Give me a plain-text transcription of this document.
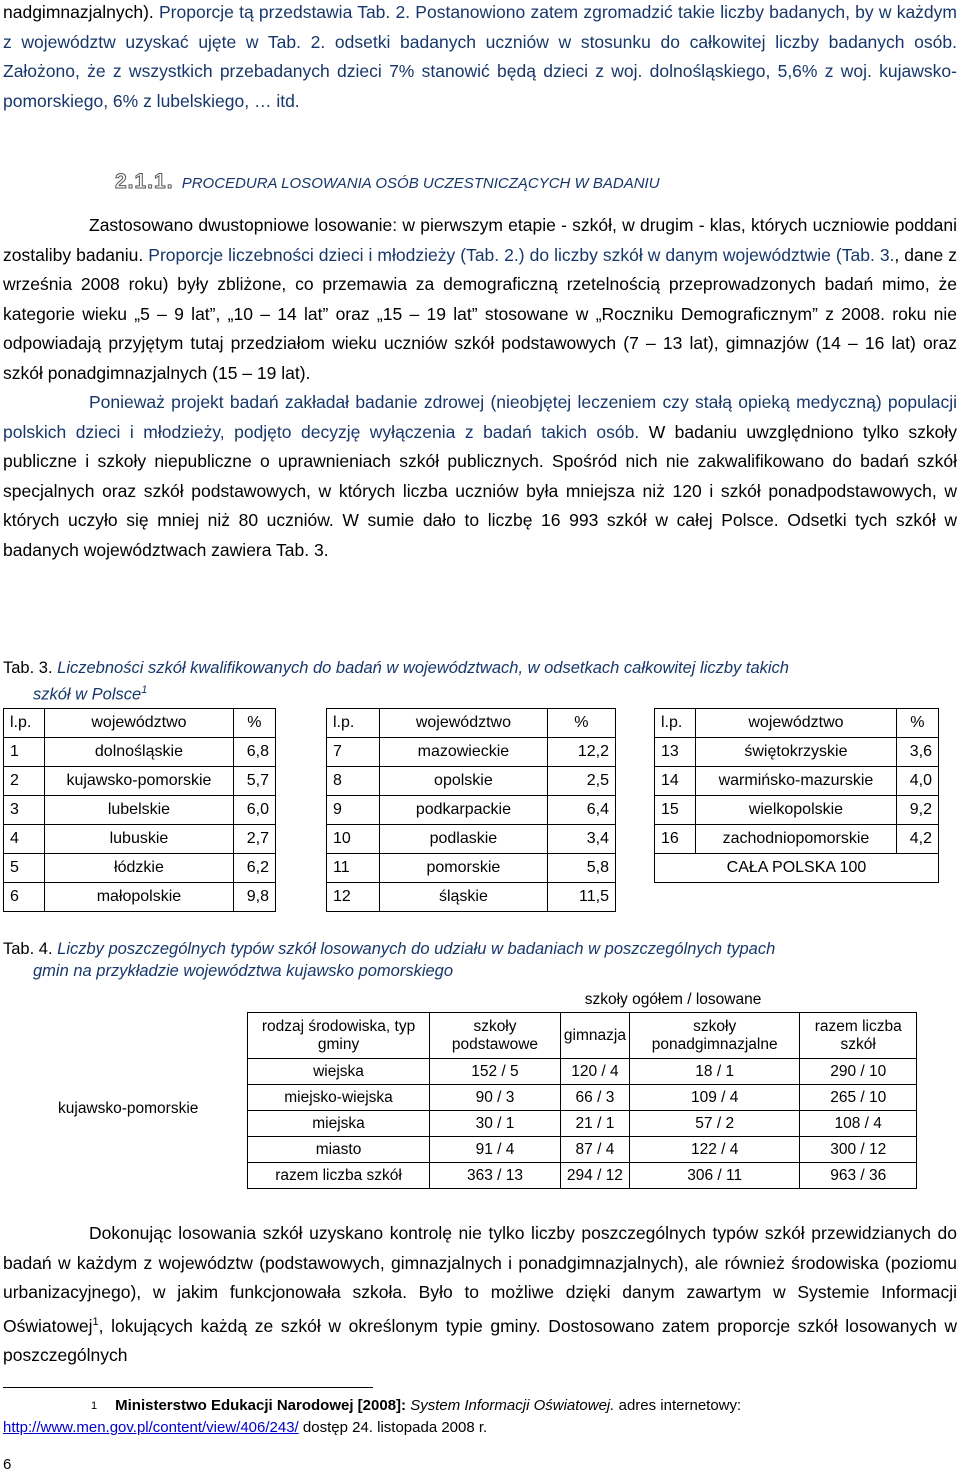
nadgimnazjalnych). Proporcje tą przedstawia Tab. 2. Postanowiono zatem zgromadzić takie liczby badanych, by w każdym z województw uzyskać ujęte w Tab. 2. odsetki badanych uczniów w stosunku do całkowitej liczby badanych osób. Założono, że z wszystkich przebadanych dzieci 7% stanowić będą dzieci z woj. dolnośląskiego, 5,6% z woj. kujawsko-pomorskiego, 6% z lubelskiego, … itd.

2.1.1. PROCEDURA LOSOWANIA OSÓB UCZESTNICZĄCYCH W BADANIU

Zastosowano dwustopniowe losowanie: w pierwszym etapie - szkół, w drugim - klas, których uczniowie poddani zostaliby badaniu. Proporcje liczebności dzieci i młodzieży (Tab. 2.) do liczby szkół w danym województwie (Tab. 3., dane z września 2008 roku) były zbliżone, co przemawia za demograficzną rzetelnością przeprowadzonych badań mimo, że kategorie wieku „5 – 9 lat”, „10 – 14 lat” oraz „15 – 19 lat” stosowane w „Roczniku Demograficznym” z 2008. roku nie odpowiadają przyjętym tutaj przedziałom wieku uczniów szkół podstawowych (7 – 13 lat), gimnazjów (14 – 16 lat) oraz szkół ponadgimnazjalnych (15 – 19 lat).

Ponieważ projekt badań zakładał badanie zdrowej (nieobjętej leczeniem czy stałą opieką medyczną) populacji polskich dzieci i młodzieży, podjęto decyzję wyłączenia z badań takich osób. W badaniu uwzględniono tylko szkoły publiczne i szkoły niepubliczne o uprawnieniach szkół publicznych. Spośród nich nie zakwalifikowano do badań szkół specjalnych oraz szkół podstawowych, w których liczba uczniów była mniejsza niż 120 i szkół ponadpodstawowych, w których uczyło się mniej niż 80 uczniów. W sumie dało to liczbę 16 993 szkół w całej Polsce. Odsetki tych szkół w badanych województwach zawiera Tab. 3.

Tab. 3. Liczebności szkół kwalifikowanych do badań w województwach, w odsetkach całkowitej liczby takich
szkół w Polsce$^1$
l.p.	województwo	%
1	dolnośląskie	6,8
2	kujawsko-pomorskie	5,7
3	lubelskie	6,0
4	lubuskie	2,7
5	łódzkie	6,2
6	małopolskie	9,8
l.p.	województwo	%
7	mazowieckie	12,2
8	opolskie	2,5
9	podkarpackie	6,4
10	podlaskie	3,4
11	pomorskie	5,8
12	śląskie	11,5
l.p.	województwo	%
13	świętokrzyskie	3,6
14	warmińsko-mazurskie	4,0
15	wielkopolskie	9,2
16	zachodniopomorskie	4,2
CAŁA POLSKA 100		
Tab. 4. Liczby poszczególnych typów szkół losowanych do udziału w badaniach w poszczególnych typach
gmin na przykładzie województwa kujawsko pomorskiego
kujawsko-pomorskie
	szkoły ogółem / losowane			
rodzaj środowiska, typ gminy	szkoły podstawowe	gimnazja	szkoły ponadgimnazjalne	razem liczba szkół
wiejska	152 / 5	120 / 4	18 / 1	290 / 10
miejsko-wiejska	90 / 3	66 / 3	109 / 4	265 / 10
miejska	30 / 1	21 / 1	57 / 2	108 / 4
miasto	91 / 4	87 / 4	122 / 4	300 / 12
razem liczba szkół	363 / 13	294 / 12	306 / 11	963 / 36

Dokonując losowania szkół uzyskano kontrolę nie tylko liczby poszczególnych typów szkół przewidzianych do badań w każdym z województw (podstawowych, gimnazjalnych i ponadgimnazjalnych), ale również środowiska (poziomu urbanizacyjnego), w jakim funkcjonowała szkoła. Było to możliwe dzięki danym zawartym w Systemie Informacji Oświatowej$^1$, lokujących każdą ze szkół w określonym typie gminy. Dostosowano zatem proporcje szkół losowanych w poszczególnych

$^1$ Ministerstwo Edukacji Narodowej [2008]: System Informacji Oświatowej. adres internetowy:
http://www.men.gov.pl/content/view/406/243/ dostęp 24. listopada 2008 r.
6
